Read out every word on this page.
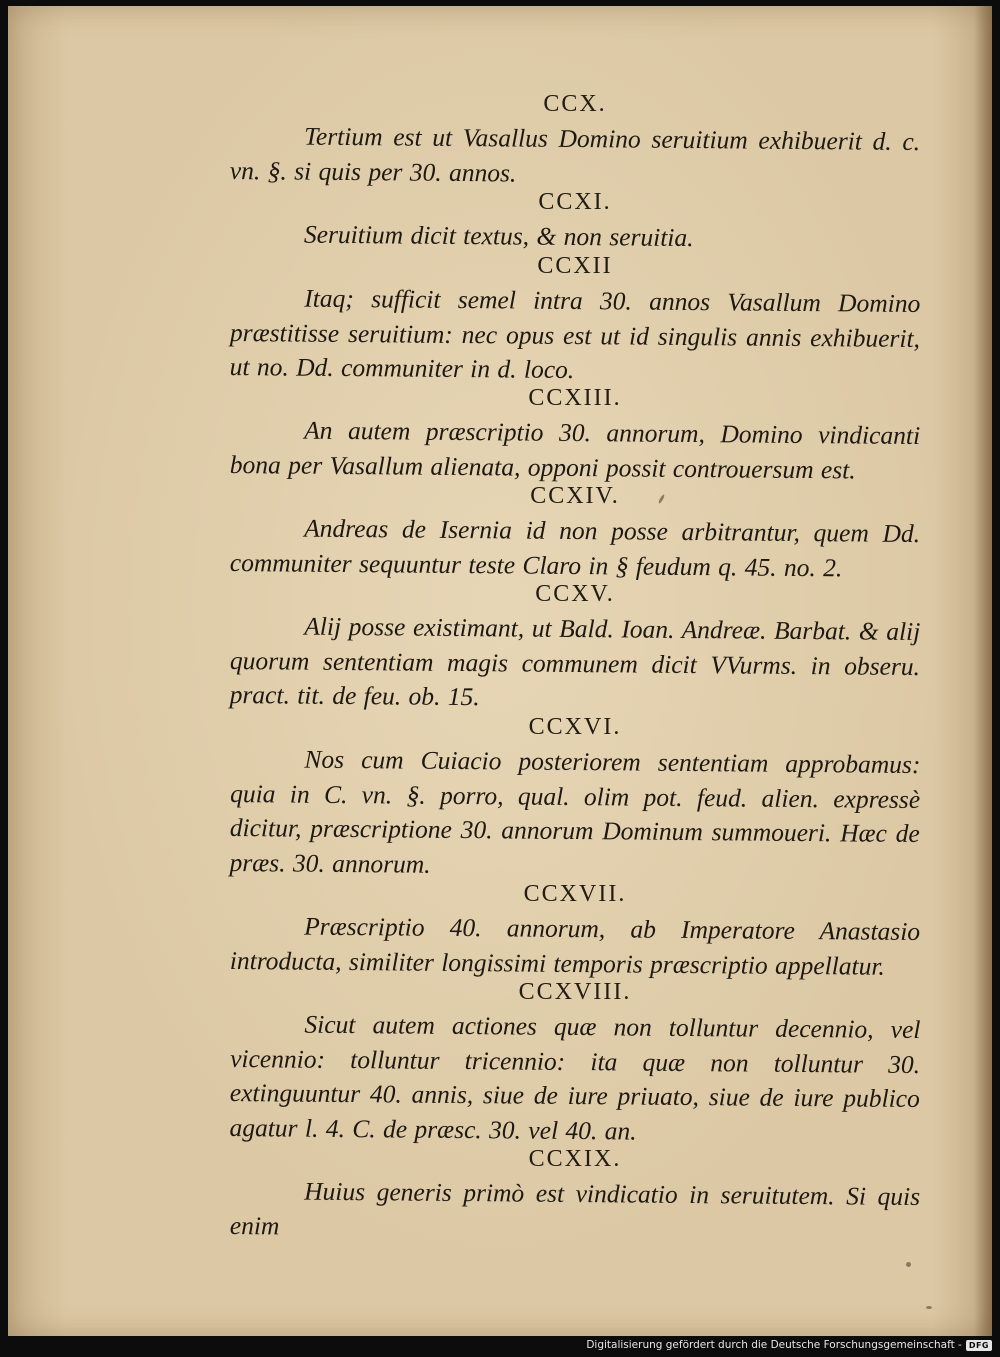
CCX.

Tertium est ut Vasallus Domino seruitium exhibuerit d. c. vn. §. si quis per 30. annos.

CCXI.

Seruitium dicit textus, & non seruitia.

CCXII

Itaq; sufficit semel intra 30. annos Vasallum Domino præstitisse seruitium: nec opus est ut id singulis annis exhibuerit, ut no. Dd. communiter in d. loco.

CCXIII.

An autem præscriptio 30. annorum, Domino vindicanti bona per Vasallum alienata, opponi possit controuersum est.

CCXIV.

Andreas de Isernia id non posse arbitrantur, quem Dd. communiter sequuntur teste Claro in § feudum q. 45. no. 2.

CCXV.

Alij posse existimant, ut Bald. Ioan. Andreæ. Barbat. & alij quorum sententiam magis communem dicit VVurms. in obseru. pract. tit. de feu. ob. 15.

CCXVI.

Nos cum Cuiacio posteriorem sententiam approbamus: quia in C. vn. §. porro, qual. olim pot. feud. alien. expressè dicitur, præscriptione 30. annorum Dominum summoueri. Hæc de præs. 30. annorum.

CCXVII.

Præscriptio 40. annorum, ab Imperatore Anastasio introducta, similiter longissimi temporis præscriptio appellatur.

CCXVIII.

Sicut autem actiones quæ non tolluntur decennio, vel vicennio: tolluntur tricennio: ita quæ non tolluntur 30. extinguuntur 40. annis, siue de iure priuato, siue de iure publico agatur l. 4. C. de præsc. 30. vel 40. an.

CCXIX.

Huius generis primò est vindicatio in seruitutem. Si quis enim

Digitalisierung gefördert durch die Deutsche Forschungsgemeinschaft - DFG
